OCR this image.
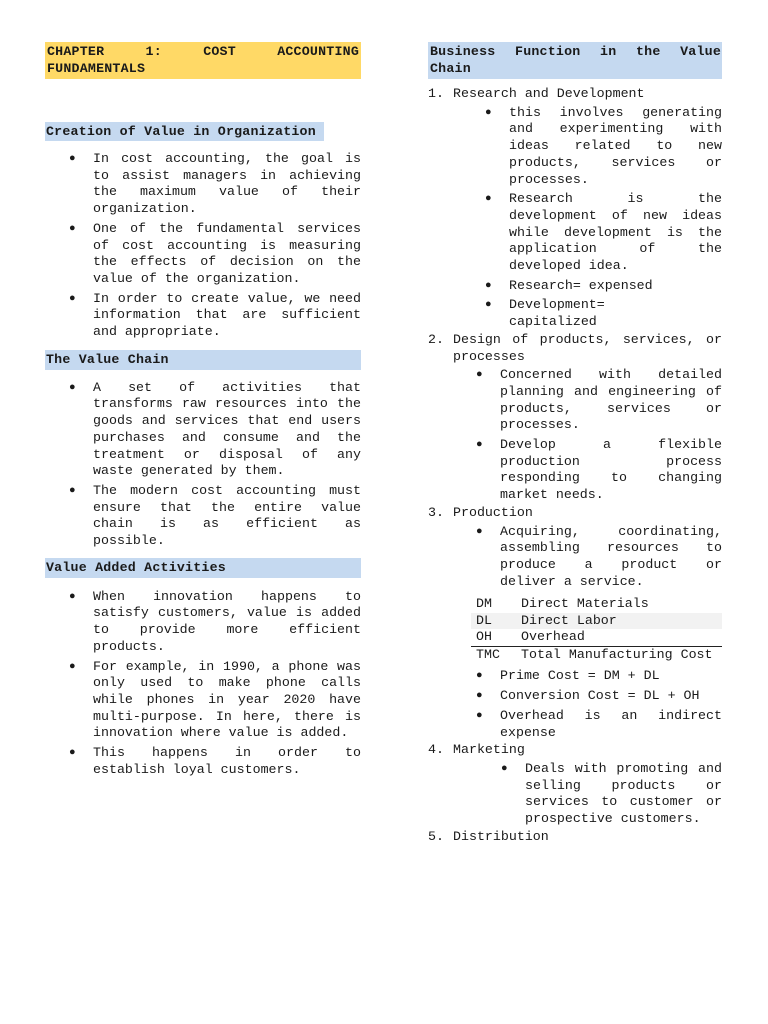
CHAPTER 1: COST ACCOUNTING FUNDAMENTALS
Creation of Value in Organization
● In cost accounting, the goal is to assist managers in achieving the maximum value of their organization.
● One of the fundamental services of cost accounting is measuring the effects of decision on the value of the organization.
● In order to create value, we need information that are sufficient and appropriate.
The Value Chain
● A set of activities that transforms raw resources into the goods and services that end users purchases and consume and the treatment or disposal of any waste generated by them.
● The modern cost accounting must ensure that the entire value chain is as efficient as possible.
Value Added Activities
● When innovation happens to satisfy customers, value is added to provide more efficient products.
● For example, in 1990, a phone was only used to make phone calls while phones in year 2020 have multi-purpose. In here, there is innovation where value is added.
● This happens in order to establish loyal customers.
Business Function in the Value Chain
1. Research and Development
● this involves generating and experimenting with ideas related to new products, services or processes.
● Research is the development of new ideas while development is the application of the developed idea.
● Research= expensed
● Development= capitalized
2. Design of products, services, or processes
● Concerned with detailed planning and engineering of products, services or processes.
● Develop a flexible production process responding to changing market needs.
3. Production
● Acquiring, coordinating, assembling resources to produce a product or deliver a service.
DM	Direct Materials
DL	Direct Labor
OH	Overhead
TMC	Total Manufacturing Cost
● Prime Cost = DM + DL
● Conversion Cost = DL + OH
● Overhead is an indirect expense
4. Marketing
● Deals with promoting and selling products or services to customer or prospective customers.
5. Distribution
